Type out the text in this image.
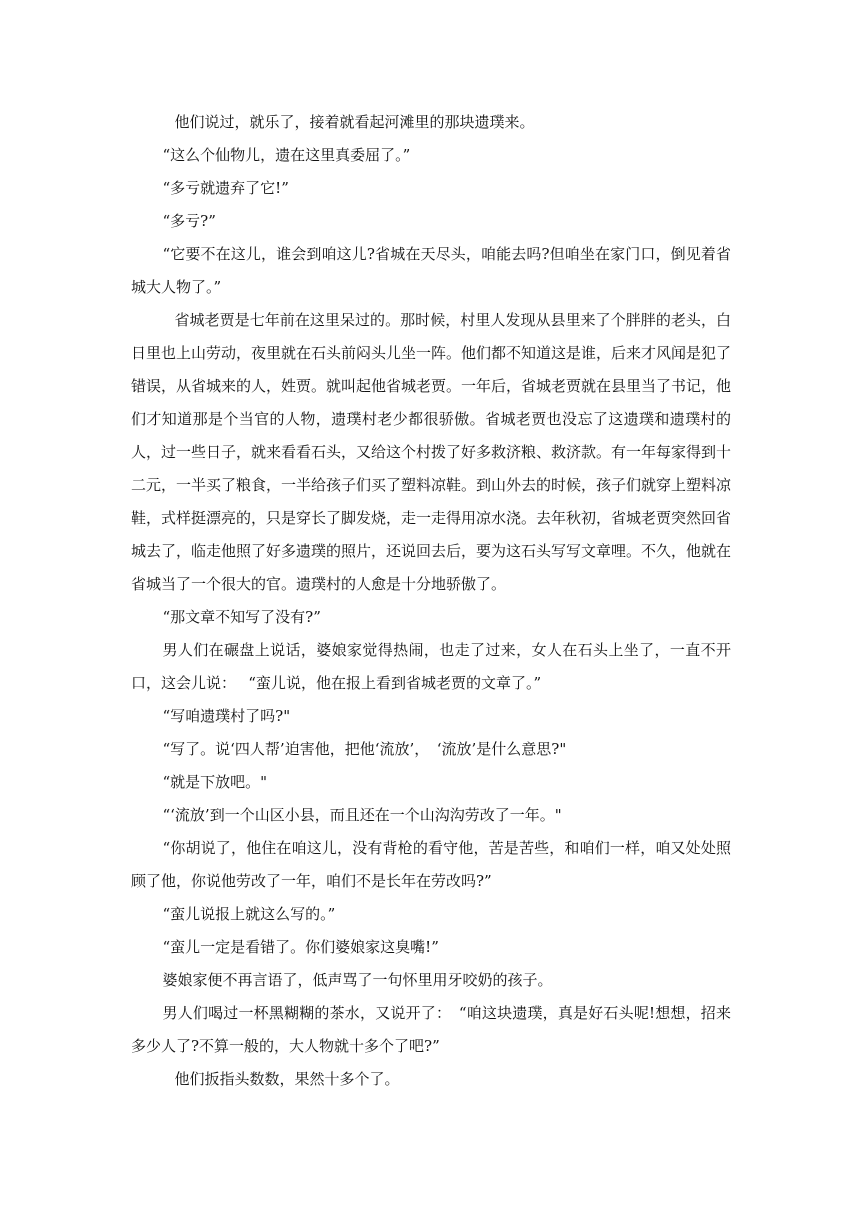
他们说过，就乐了，接着就看起河滩里的那块遗璞来。

“这么个仙物儿，遗在这里真委屈了。”

“多亏就遗弃了它!”

“多亏?”

“它要不在这儿，谁会到咱这儿?省城在天尽头，咱能去吗?但咱坐在家门口，倒见着省城大人物了。”

省城老贾是七年前在这里呆过的。那时候，村里人发现从县里来了个胖胖的老头，白日里也上山劳动，夜里就在石头前闷头儿坐一阵。他们都不知道这是谁，后来才风闻是犯了错误，从省城来的人，姓贾。就叫起他省城老贾。一年后，省城老贾就在县里当了书记，他们才知道那是个当官的人物，遗璞村老少都很骄傲。省城老贾也没忘了这遗璞和遗璞村的人，过一些日子，就来看看石头，又给这个村拨了好多救济粮、救济款。有一年每家得到十二元，一半买了粮食，一半给孩子们买了塑料凉鞋。到山外去的时候，孩子们就穿上塑料凉鞋，式样挺漂亮的，只是穿长了脚发烧，走一走得用凉水浇。去年秋初，省城老贾突然回省城去了，临走他照了好多遗璞的照片，还说回去后，要为这石头写写文章哩。不久，他就在省城当了一个很大的官。遗璞村的人愈是十分地骄傲了。

“那文章不知写了没有?”

男人们在碾盘上说话，婆娘家觉得热闹，也走了过来，女人在石头上坐了，一直不开口，这会儿说：　 “蛮儿说，他在报上看到省城老贾的文章了。”

“写咱遗璞村了吗?"

“写了。说‘四人帮’迫害他，把他‘流放’，　‘流放’是什么意思?"

“就是下放吧。"

“‘流放’到一个山区小县，而且还在一个山沟沟劳改了一年。"

“你胡说了，他住在咱这儿，没有背枪的看守他，苦是苦些，和咱们一样，咱又处处照顾了他，你说他劳改了一年，咱们不是长年在劳改吗?”

“蛮儿说报上就这么写的。”

“蛮儿一定是看错了。你们婆娘家这臭嘴!”

婆娘家便不再言语了，低声骂了一句怀里用牙咬奶的孩子。

男人们喝过一杯黑糊糊的茶水，又说开了：　“咱这块遗璞，真是好石头呢!想想，招来多少人了?不算一般的，大人物就十多个了吧?”

他们扳指头数数，果然十多个了。
